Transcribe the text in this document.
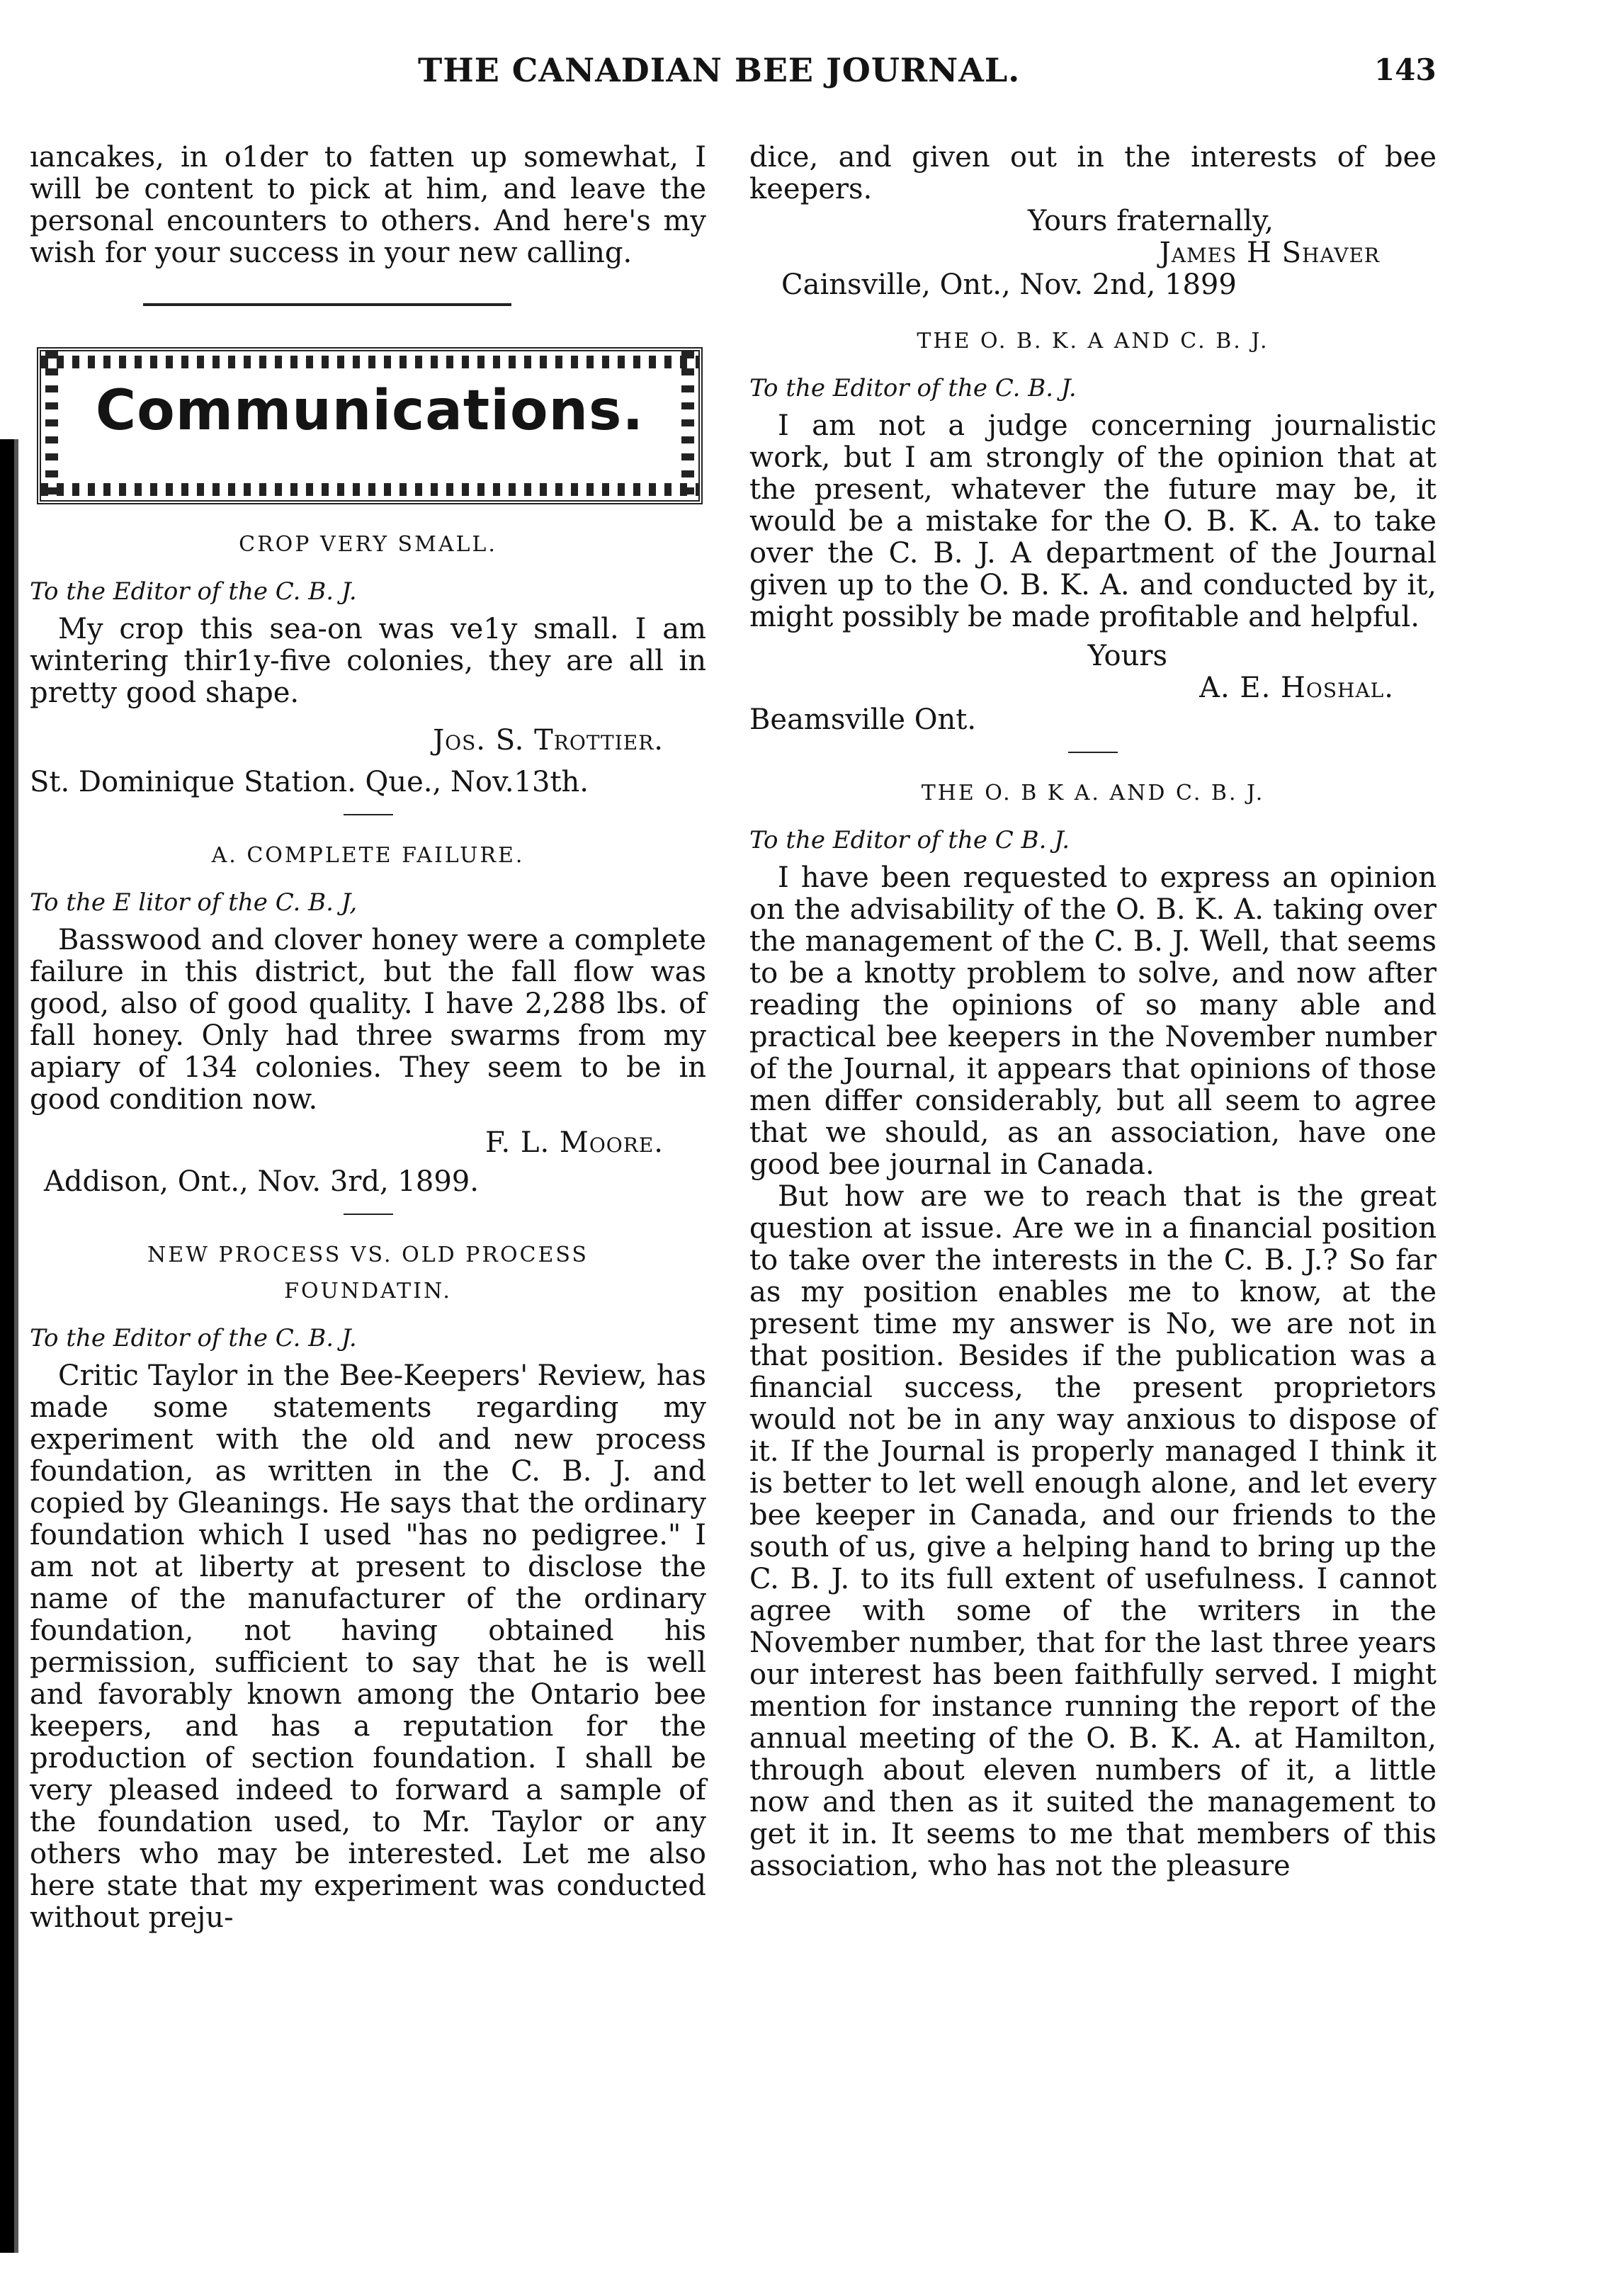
THE CANADIAN BEE JOURNAL.	143

ıancakes, in o1der to fatten up somewhat, I will be content to pick at him, and leave the personal encounters to others. And here's my wish for your success in your new calling.

Communications.
CROP VERY SMALL.
To the Editor of the C. B. J.

My crop this sea-on was ve1y small. I am wintering thir1y-five colonies, they are all in pretty good shape.

Jos. S. Trottier.

St. Dominique Station. Que., Nov.13th.

A. COMPLETE FAILURE.
To the E litor of the C. B. J,

Basswood and clover honey were a complete failure in this district, but the fall flow was good, also of good quality. I have 2,288 lbs. of fall honey. Only had three swarms from my apiary of 134 colonies. They seem to be in good condition now.

F. L. Moore.

Addison, Ont., Nov. 3rd, 1899.

NEW PROCESS VS. OLD PROCESS
FOUNDATIN.
To the Editor of the C. B. J.

Critic Taylor in the Bee-Keepers' Review, has made some statements regarding my experiment with the old and new process foundation, as written in the C. B. J. and copied by Gleanings. He says that the ordinary foundation which I used "has no pedigree." I am not at liberty at present to disclose the name of the manufacturer of the ordinary foundation, not having obtained his permission, sufficient to say that he is well and favorably known among the Ontario bee keepers, and has a reputation for the production of section foundation. I shall be very pleased indeed to forward a sample of the foundation used, to Mr. Taylor or any others who may be interested. Let me also here state that my experiment was conducted without preju-

dice, and given out in the interests of bee keepers.

Yours fraternally,

James H Shaver

Cainsville, Ont., Nov. 2nd, 1899

THE O. B. K. A AND C. B. J.
To the Editor of the C. B. J.

I am not a judge concerning journalistic work, but I am strongly of the opinion that at the present, whatever the future may be, it would be a mistake for the O. B. K. A. to take over the C. B. J. A department of the Journal given up to the O. B. K. A. and conducted by it, might possibly be made profitable and helpful.

Yours

A. E. Hoshal.

Beamsville Ont.

THE O. B K A. AND C. B. J.
To the Editor of the C B. J.

I have been requested to express an opinion on the advisability of the O. B. K. A. taking over the management of the C. B. J. Well, that seems to be a knotty problem to solve, and now after reading the opinions of so many able and practical bee keepers in the November number of the Journal, it appears that opinions of those men differ considerably, but all seem to agree that we should, as an association, have one good bee journal in Canada.

But how are we to reach that is the great question at issue. Are we in a financial position to take over the interests in the C. B. J.? So far as my position enables me to know, at the present time my answer is No, we are not in that position. Besides if the publication was a financial success, the present proprietors would not be in any way anxious to dispose of it. If the Journal is properly managed I think it is better to let well enough alone, and let every bee keeper in Canada, and our friends to the south of us, give a helping hand to bring up the C. B. J. to its full extent of usefulness. I cannot agree with some of the writers in the November number, that for the last three years our interest has been faithfully served. I might mention for instance running the report of the annual meeting of the O. B. K. A. at Hamilton, through about eleven numbers of it, a little now and then as it suited the management to get it in. It seems to me that members of this association, who has not the pleasure
